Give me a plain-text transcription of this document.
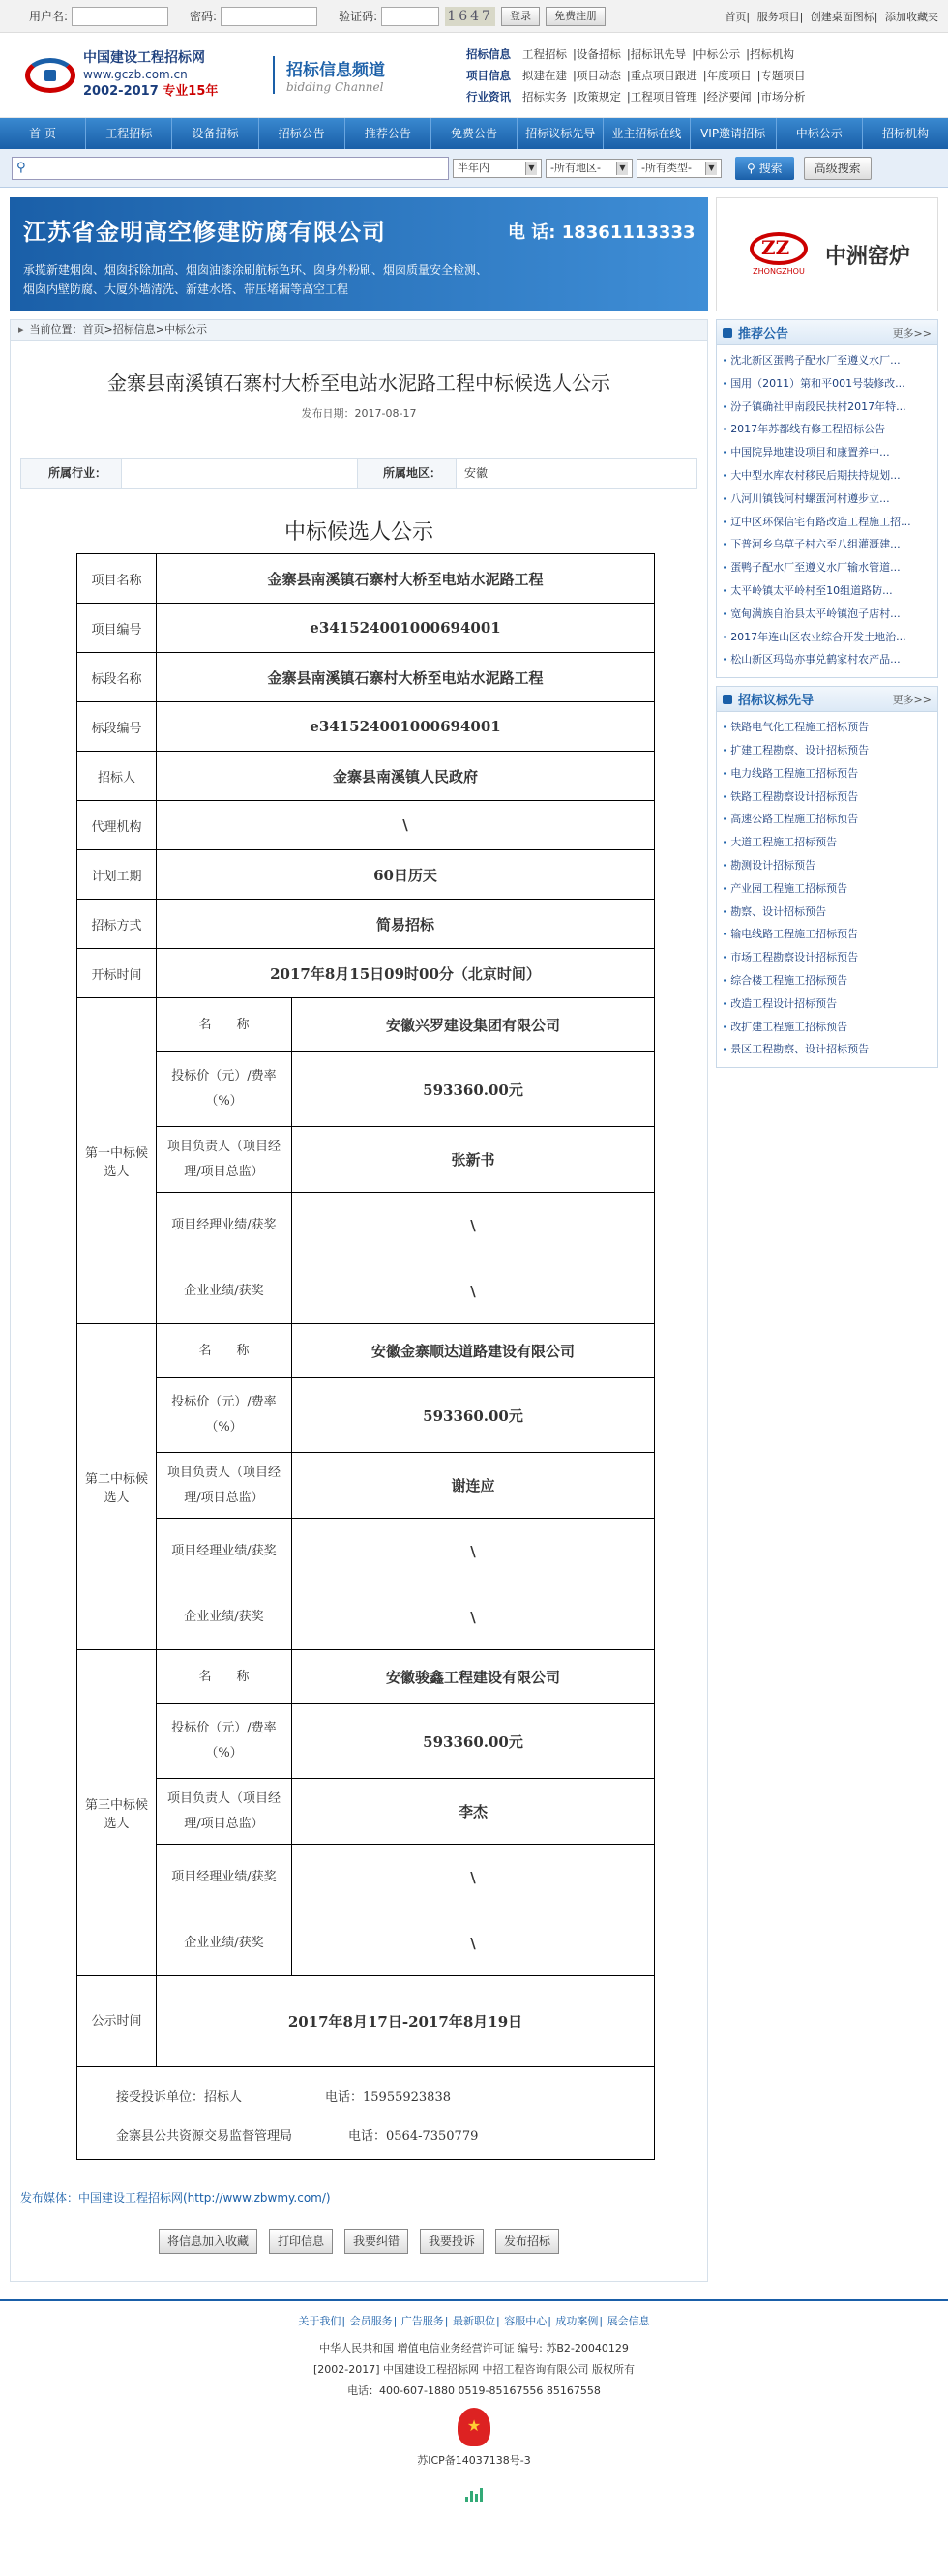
用户名:	密码:	验证码:	1647	登录	免费注册	首页| 服务项目| 创建桌面图标| 添加收藏夹
中国建设工程招标网
www.gczb.com.cn
2002-2017 专业15年
招标信息频道
bidding Channel
招标信息 工程招标 | 设备招标 | 招标讯先导 | 中标公示 | 招标机构
项目信息 拟建在建 | 项目动态 | 重点项目跟进 | 年度项目 | 专题项目
行业资讯 招标实务 | 政策规定 | 工程项目管理 | 经济要闻 | 市场分析
首 页	工程招标	设备招标	招标公告	推荐公告	免费公告	招标议标先导	业主招标在线	VIP邀请招标	中标公示	招标机构
⚲	半年内	▼ -所有地区-	▼ -所有类型-	▼	⚲ 搜索	高级搜索
江苏省金明高空修建防腐有限公司	电 话: 18361113333
承揽新建烟囱、烟囱拆除加高、烟囱油漆涂刷航标色环、囱身外粉刷、烟囱质量安全检测、
烟囱内壁防腐、大厦外墙清洗、新建水塔、带压堵漏等高空工程
▸ 当前位置：首页>招标信息>中标公示
金寨县南溪镇石寨村大桥至电站水泥路工程中标候选人公示
发布日期：2017-08-17
所属行业：	所属地区：	安徽
中标候选人公示
项目名称	金寨县南溪镇石寨村大桥至电站水泥路工程	
项目编号	e341524001000694001	
标段名称	金寨县南溪镇石寨村大桥至电站水泥路工程	
标段编号	e341524001000694001	
招标人	金寨县南溪镇人民政府	
代理机构	\	
计划工期	60日历天	
招标方式	简易招标	
开标时间	2017年8月15日09时00分（北京时间）	
第一中标候选人	名　　称	安徽兴罗建设集团有限公司
	投标价（元）/费率（%）	593360.00元
	项目负责人（项目经理/项目总监）	张新书
	项目经理业绩/获奖	\
	企业业绩/获奖	\
第二中标候选人	名　　称	安徽金寨顺达道路建设有限公司
	投标价（元）/费率（%）	593360.00元
	项目负责人（项目经理/项目总监）	谢连应
	项目经理业绩/获奖	\
	企业业绩/获奖	\
第三中标候选人	名　　称	安徽骏鑫工程建设有限公司
	投标价（元）/费率（%）	593360.00元
	项目负责人（项目经理/项目总监）	李杰
	项目经理业绩/获奖	\
	企业业绩/获奖	\
公示时间	2017年8月17日-2017年8月19日	
接受投诉单位：招标人	电话：15955923838
金寨县公共资源交易监督管理局	电话：0564-7350779
发布媒体：中国建设工程招标网(http://www.zbwmy.com/)
将信息加入收藏	打印信息	我要纠错	我要投诉	发布招标
ZZ
ZHONGZHOU
中洲窑炉
推荐公告	更多>>
· 沈北新区蛋鸭子配水厂至遵义水厂...
· 国用（2011）第和平001号装修改...
· 汾子镇确社甲南段民扶村2017年特...
· 2017年苏都线有修工程招标公告
· 中国院异地建设项目和康置养中...
· 大中型水库农村移民后期扶持规划...
· 八河川镇钱河村螺蛋河村遵步立...
· 辽中区环保信宅有路改造工程施工招...
· 下普河乡乌草子村六至八组灌溉建...
· 蛋鸭子配水厂至遵义水厂输水管道...
· 太平岭镇太平岭村至10组道路防...
· 宽甸满族自治县太平岭镇泡子店村...
· 2017年连山区农业综合开发土地治...
· 松山新区玛岛亦事兑鹤家村农产品...
招标议标先导	更多>>
· 铁路电气化工程施工招标预告
· 扩建工程勘察、设计招标预告
· 电力线路工程施工招标预告
· 铁路工程勘察设计招标预告
· 高速公路工程施工招标预告
· 大道工程施工招标预告
· 勘测设计招标预告
· 产业园工程施工招标预告
· 勘察、设计招标预告
· 输电线路工程施工招标预告
· 市场工程勘察设计招标预告
· 综合楼工程施工招标预告
· 改造工程设计招标预告
· 改扩建工程施工招标预告
· 景区工程勘察、设计招标预告
关于我们| 会员服务| 广告服务| 最新职位| 容服中心| 成功案例| 展会信息
中华人民共和国 增值电信业务经营许可证 编号: 苏B2-20040129
[2002-2017] 中国建设工程招标网 中招工程咨询有限公司 版权所有
电话：400-607-1880 0519-85167556 85167558
★
苏ICP备14037138号-3
